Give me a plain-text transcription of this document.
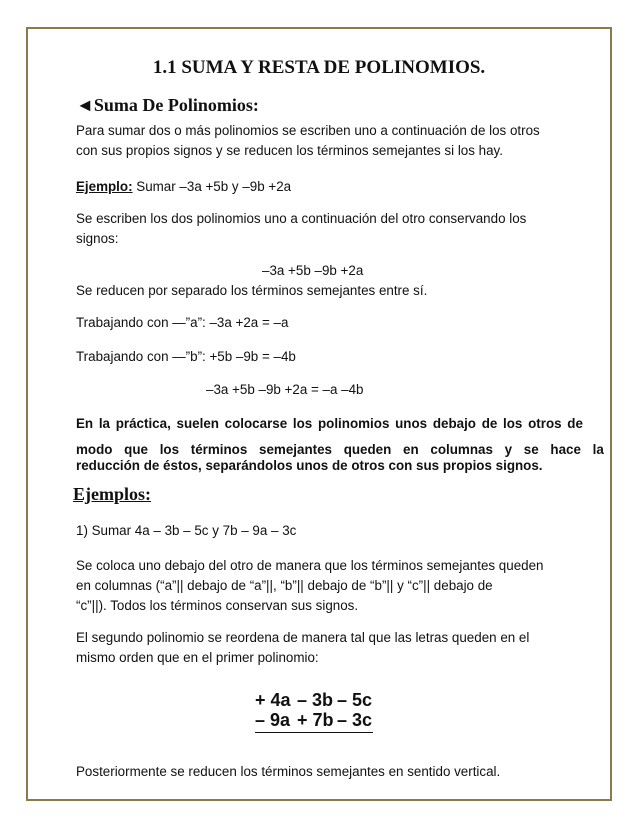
1.1 SUMA Y RESTA DE POLINOMIOS.
◄Suma De Polinomios:
Para sumar dos o más polinomios se escriben uno a continuación de los otros
con sus propios signos y se reducen los términos semejantes si los hay.
Ejemplo: Sumar –3a +5b y –9b +2a
Se escriben los dos polinomios uno a continuación del otro conservando los
signos:
–3a +5b –9b +2a
Se reducen por separado los términos semejantes entre sí.
Trabajando con —”a”: –3a +2a = –a
Trabajando con —”b”: +5b –9b = –4b
–3a +5b –9b +2a = –a –4b
En la práctica, suelen colocarse los polinomios unos debajo de los otros de
modo que los términos semejantes queden en columnas y se hace la
reducción de éstos, separándolos unos de otros con sus propios signos.
Ejemplos:
1) Sumar 4a – 3b – 5c y 7b – 9a – 3c
Se coloca uno debajo del otro de manera que los términos semejantes queden
en columnas (“a”|| debajo de “a”||, “b”|| debajo de “b”|| y “c”|| debajo de
“c”||). Todos los términos conservan sus signos.
El segundo polinomio se reordena de manera tal que las letras queden en el
mismo orden que en el primer polinomio:
+ 4a – 3b – 5c
– 9a + 7b – 3c
Posteriormente se reducen los términos semejantes en sentido vertical.
